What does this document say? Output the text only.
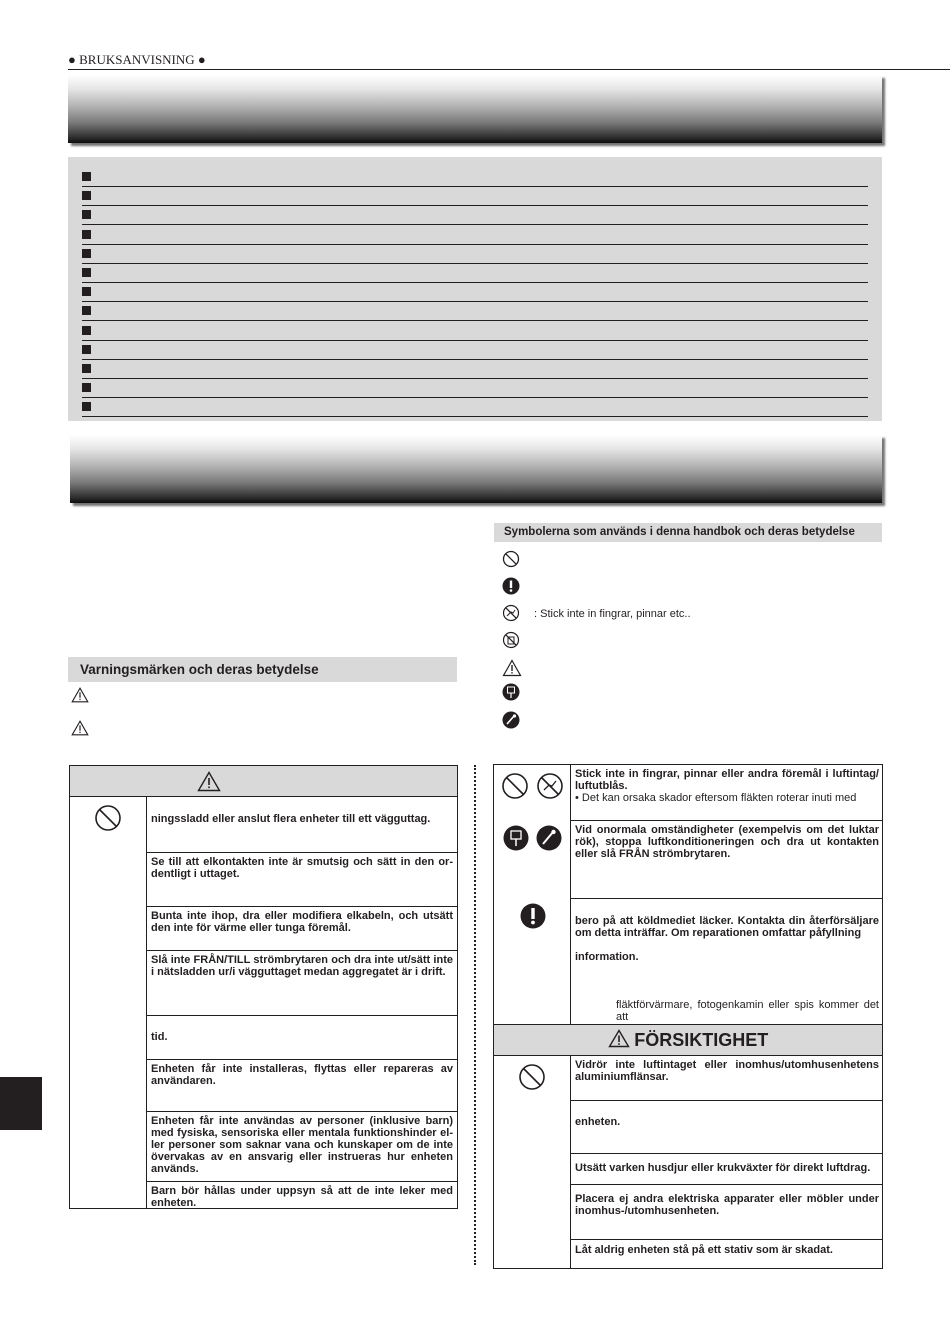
● BRUKSANVISNING ●
Symbolerna som används i denna handbok och deras betydelse
: Stick inte in fingrar, pinnar etc..
Varningsmärken och deras betydelse
ningssladd eller anslut flera enheter till ett vägguttag.
Se till att elkontakten inte är smutsig och sätt in den or-dentligt i uttaget.
Bunta inte ihop, dra eller modifiera elkabeln, och utsätt den inte för värme eller tunga föremål.
Slå inte FRÅN/TILL strömbrytaren och dra inte ut/sätt inte i nätsladden ur/i vägguttaget medan aggregatet är i drift.
tid.
Enheten får inte installeras, flyttas eller repareras av användaren.
Enheten får inte användas av personer (inklusive barn) med fysiska, sensoriska eller mentala funktionshinder el-ler personer som saknar vana och kunskaper om de inte övervakas av en ansvarig eller instrueras hur enheten används.
Barn bör hållas under uppsyn så att de inte leker med enheten.
Stick inte in fingrar, pinnar eller andra föremål i luftintag/ luftutblås.
• Det kan orsaka skador eftersom fläkten roterar inuti med
Vid onormala omständigheter (exempelvis om det luktar rök), stoppa luftkonditioneringen och dra ut kontakten eller slå FRÅN strömbrytaren.
bero på att köldmediet läcker. Kontakta din återförsäljare om detta inträffar. Om reparationen omfattar påfyllning
information.
fläktförvärmare, fotogenkamin eller spis kommer det att
FÖRSIKTIGHET
Vidrör inte luftintaget eller inomhus/utomhusenhetens aluminiumflänsar.
enheten.
Utsätt varken husdjur eller krukväxter för direkt luftdrag.
Placera ej andra elektriska apparater eller möbler under inomhus-/utomhusenheten.
Låt aldrig enheten stå på ett stativ som är skadat.
